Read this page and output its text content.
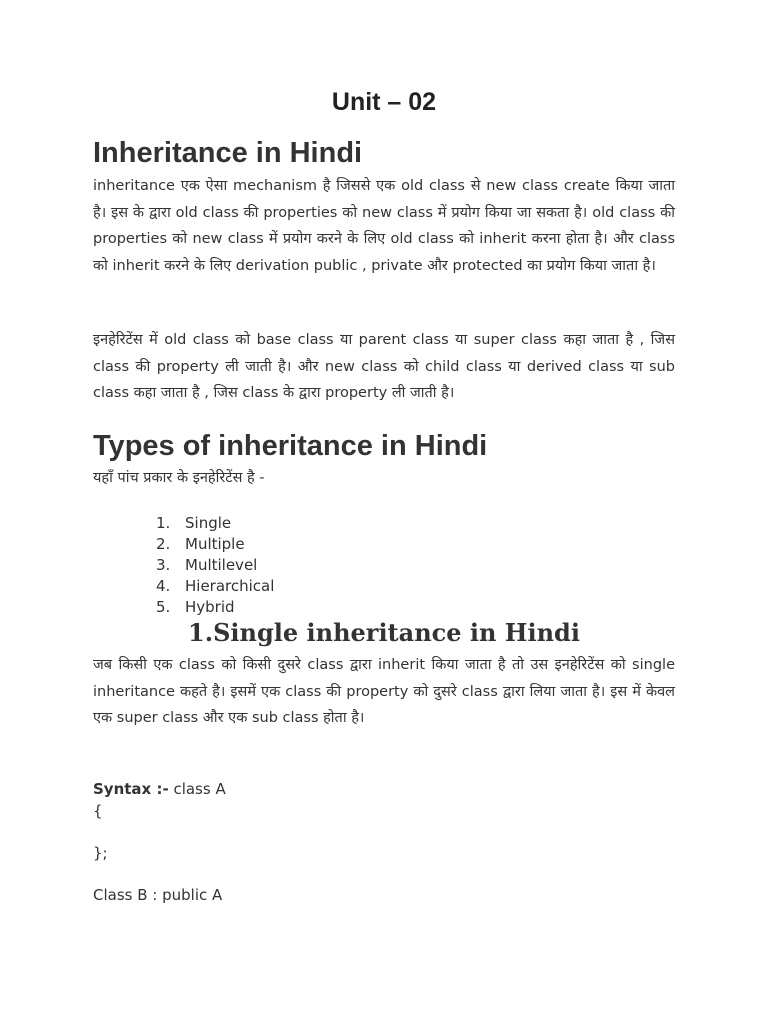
Unit – 02

Inheritance in Hindi

inheritance एक ऐसा mechanism है जिससे एक old class से new class create किया जाता है। इस के द्वारा old class की properties को new class में प्रयोग किया जा सकता है। old class की properties को new class में प्रयोग करने के लिए old class को inherit करना होता है। और class को inherit करने के लिए derivation public , private और protected का प्रयोग किया जाता है।

इनहेरिटेंस में old class को base class या parent class या super class कहा जाता है , जिस class की property ली जाती है। और new class को child class या derived class या sub class कहा जाता है , जिस class के द्वारा property ली जाती है।

Types of inheritance in Hindi

यहाँ पांच प्रकार के इनहेरिटेंस है -

1. Single
2. Multiple
3. Multilevel
4. Hierarchical
5. Hybrid
1.Single inheritance in Hindi

जब किसी एक class को किसी दुसरे class द्वारा inherit किया जाता है तो उस इनहेरिटेंस को single inheritance कहते है। इसमें एक class की property को दुसरे class द्वारा लिया जाता है। इस में केवल एक super class और एक sub class होता है।

Syntax :- class A

{

};

Class B : public A
